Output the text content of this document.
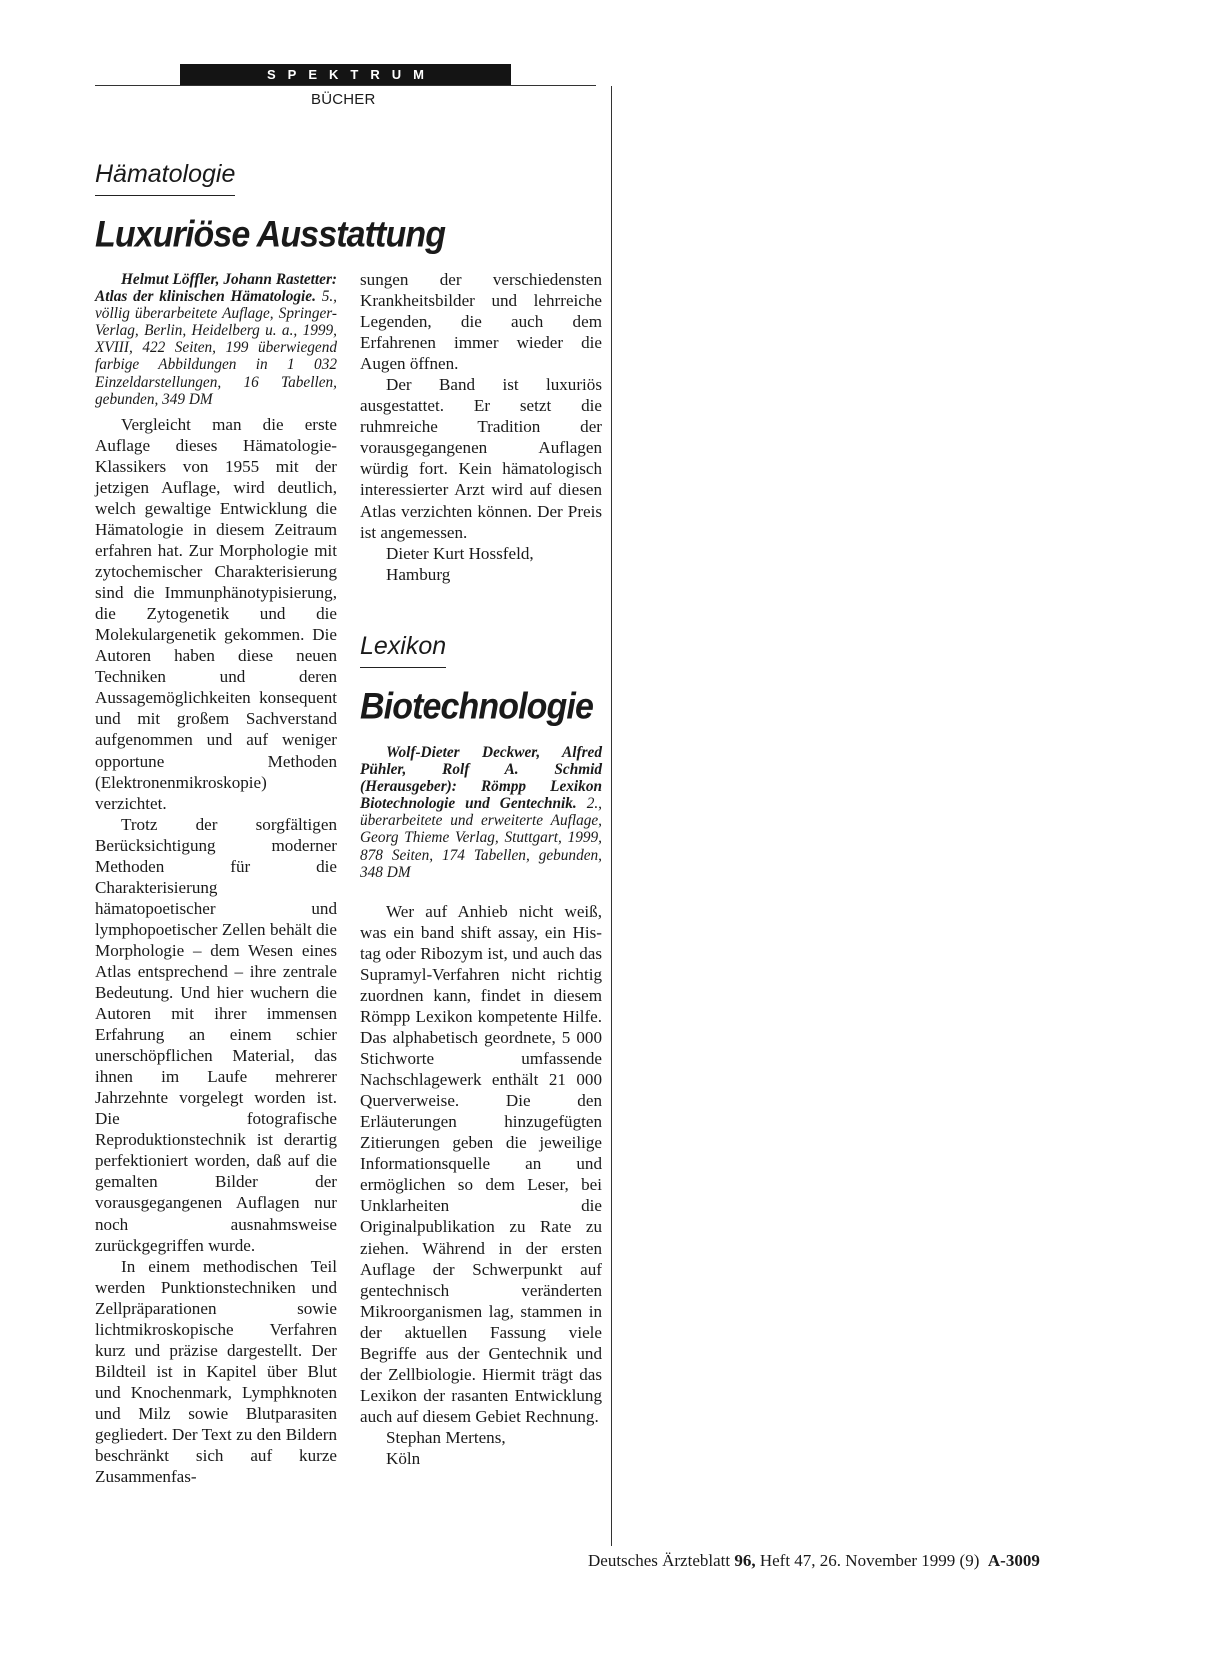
SPEKTRUM
BÜCHER
Hämatologie
Luxuriöse Ausstattung

Helmut Löffler, Johann Rastetter: Atlas der klinischen Hämatologie. 5., völlig überarbeitete Auflage, Springer-Verlag, Berlin, Heidelberg u. a., 1999, XVIII, 422 Seiten, 199 überwiegend farbige Abbildungen in 1 032 Einzeldarstellungen, 16 Tabellen, gebunden, 349 DM

Vergleicht man die erste Auflage dieses Hämatologie-Klassikers von 1955 mit der jetzigen Auflage, wird deutlich, welch gewaltige Entwicklung die Hämatologie in diesem Zeitraum erfahren hat. Zur Morphologie mit zytochemischer Charakterisierung sind die Immunphänotypisierung, die Zytogenetik und die Molekulargenetik gekommen. Die Autoren haben diese neuen Techniken und deren Aussagemöglichkeiten konsequent und mit großem Sachverstand aufgenommen und auf weniger opportune Methoden (Elektronenmikroskopie) verzichtet.

Trotz der sorgfältigen Berücksichtigung moderner Methoden für die Charakterisierung hämatopoetischer und lymphopoetischer Zellen behält die Morphologie – dem Wesen eines Atlas entsprechend – ihre zentrale Bedeutung. Und hier wuchern die Autoren mit ihrer immensen Erfahrung an einem schier unerschöpflichen Material, das ihnen im Laufe mehrerer Jahrzehnte vorgelegt worden ist. Die fotografische Reproduktionstechnik ist derartig perfektioniert worden, daß auf die gemalten Bilder der vorausgegangenen Auflagen nur noch ausnahmsweise zurückgegriffen wurde.

In einem methodischen Teil werden Punktionstechniken und Zellpräparationen sowie lichtmikroskopische Verfahren kurz und präzise dargestellt. Der Bildteil ist in Kapitel über Blut und Knochenmark, Lymphknoten und Milz sowie Blutparasiten gegliedert. Der Text zu den Bildern beschränkt sich auf kurze Zusammenfas-

sungen der verschiedensten Krankheitsbilder und lehrreiche Legenden, die auch dem Erfahrenen immer wieder die Augen öffnen.

Der Band ist luxuriös ausgestattet. Er setzt die ruhmreiche Tradition der vorausgegangenen Auflagen würdig fort. Kein hämatologisch interessierter Arzt wird auf diesen Atlas verzichten können. Der Preis ist angemessen.

Dieter Kurt Hossfeld,
Hamburg
Lexikon
Biotechnologie

Wolf-Dieter Deckwer, Alfred Pühler, Rolf A. Schmid (Herausgeber): Römpp Lexikon Biotechnologie und Gentechnik. 2., überarbeitete und erweiterte Auflage, Georg Thieme Verlag, Stuttgart, 1999, 878 Seiten, 174 Tabellen, gebunden, 348 DM

Wer auf Anhieb nicht weiß, was ein band shift assay, ein His-tag oder Ribozym ist, und auch das Supramyl-Verfahren nicht richtig zuordnen kann, findet in diesem Römpp Lexikon kompetente Hilfe. Das alphabetisch geordnete, 5 000 Stichworte umfassende Nachschlagewerk enthält 21 000 Querverweise. Die den Erläuterungen hinzugefügten Zitierungen geben die jeweilige Informationsquelle an und ermöglichen so dem Leser, bei Unklarheiten die Originalpublikation zu Rate zu ziehen. Während in der ersten Auflage der Schwerpunkt auf gentechnisch veränderten Mikroorganismen lag, stammen in der aktuellen Fassung viele Begriffe aus der Gentechnik und der Zellbiologie. Hiermit trägt das Lexikon der rasanten Entwicklung auch auf diesem Gebiet Rechnung.

Stephan Mertens,
Köln
Deutsches Ärzteblatt 96, Heft 47, 26. November 1999 (9) A-3009
